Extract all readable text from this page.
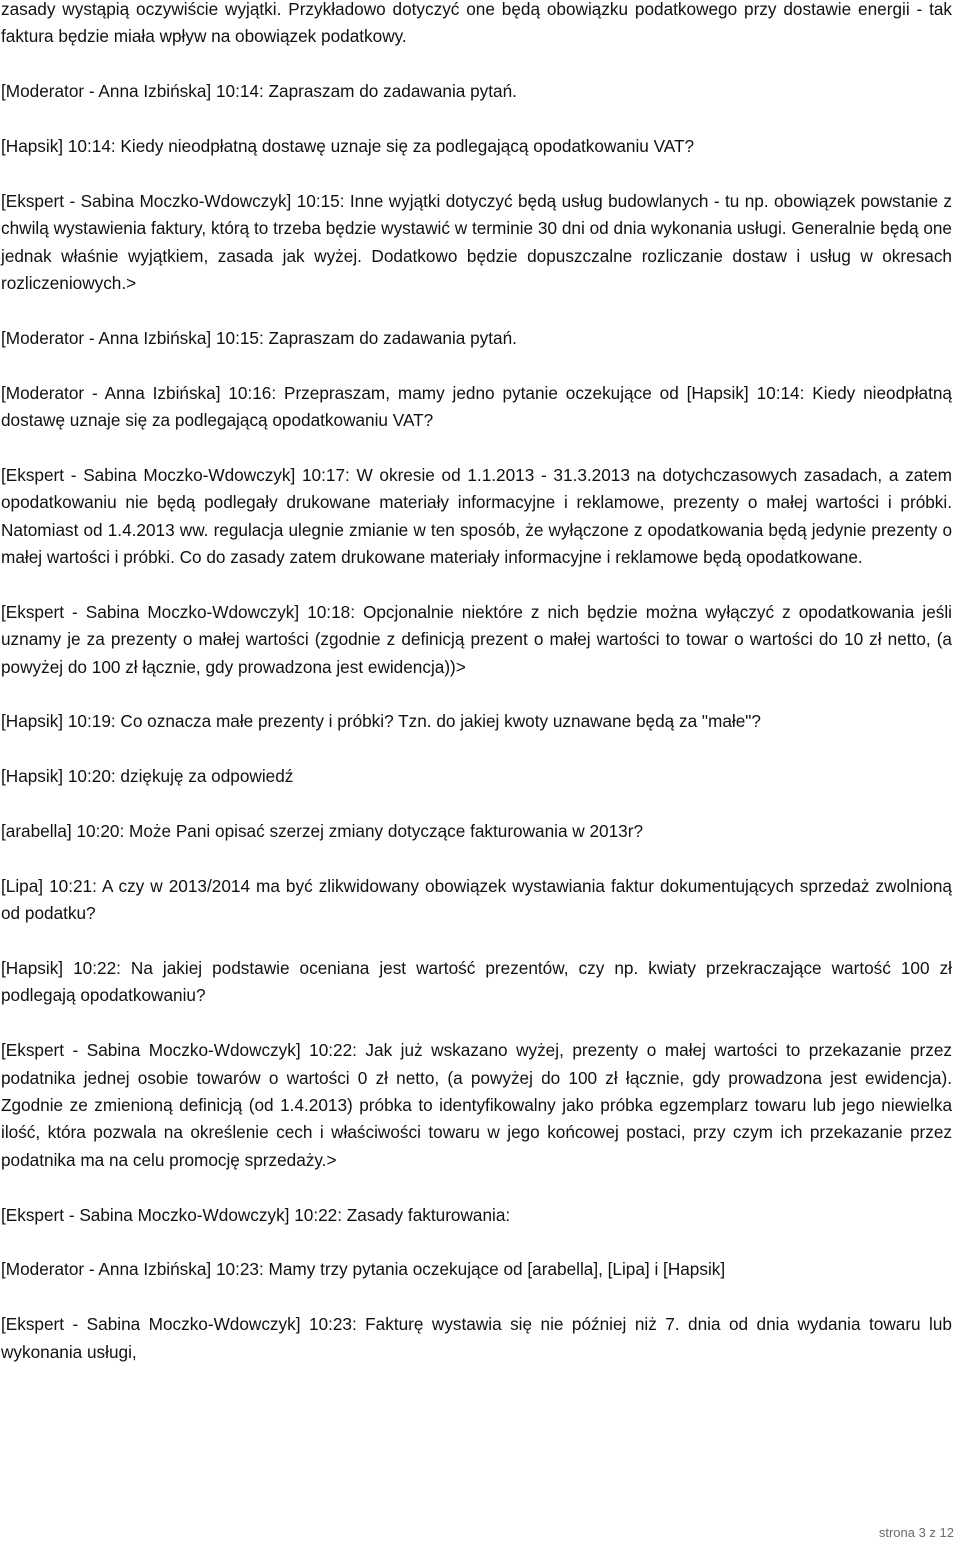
zasady wystąpią oczywiście wyjątki. Przykładowo dotyczyć one będą obowiązku podatkowego przy dostawie energii - tak faktura będzie miała wpływ na obowiązek podatkowy.

[Moderator - Anna Izbińska] 10:14: Zapraszam do zadawania pytań.

[Hapsik] 10:14: Kiedy nieodpłatną dostawę uznaje się za podlegającą opodatkowaniu VAT?

[Ekspert - Sabina Moczko-Wdowczyk] 10:15: Inne wyjątki dotyczyć będą usług budowlanych - tu np. obowiązek powstanie z chwilą wystawienia faktury, którą to trzeba będzie wystawić w terminie 30 dni od dnia wykonania usługi. Generalnie będą one jednak właśnie wyjątkiem, zasada jak wyżej. Dodatkowo będzie dopuszczalne rozliczanie dostaw i usług w okresach rozliczeniowych.>

[Moderator - Anna Izbińska] 10:15: Zapraszam do zadawania pytań.

[Moderator - Anna Izbińska] 10:16: Przepraszam, mamy jedno pytanie oczekujące od [Hapsik] 10:14: Kiedy nieodpłatną dostawę uznaje się za podlegającą opodatkowaniu VAT?

[Ekspert - Sabina Moczko-Wdowczyk] 10:17: W okresie od 1.1.2013 - 31.3.2013 na dotychczasowych zasadach, a zatem opodatkowaniu nie będą podlegały drukowane materiały informacyjne i reklamowe, prezenty o małej wartości i próbki. Natomiast od 1.4.2013 ww. regulacja ulegnie zmianie w ten sposób, że wyłączone z opodatkowania będą jedynie prezenty o małej wartości i próbki. Co do zasady zatem drukowane materiały informacyjne i reklamowe będą opodatkowane.

[Ekspert - Sabina Moczko-Wdowczyk] 10:18: Opcjonalnie niektóre z nich będzie można wyłączyć z opodatkowania jeśli uznamy je za prezenty o małej wartości (zgodnie z definicją prezent o małej wartości to towar o wartości do 10 zł netto, (a powyżej do 100 zł łącznie, gdy prowadzona jest ewidencja))>

[Hapsik] 10:19: Co oznacza małe prezenty i próbki? Tzn. do jakiej kwoty uznawane będą za "małe"?

[Hapsik] 10:20: dziękuję za odpowiedź

[arabella] 10:20: Może Pani opisać szerzej zmiany dotyczące fakturowania w 2013r?

[Lipa] 10:21: A czy w 2013/2014 ma być zlikwidowany obowiązek wystawiania faktur dokumentujących sprzedaż zwolnioną od podatku?

[Hapsik] 10:22: Na jakiej podstawie oceniana jest wartość prezentów, czy np. kwiaty przekraczające wartość 100 zł podlegają opodatkowaniu?

[Ekspert - Sabina Moczko-Wdowczyk] 10:22: Jak już wskazano wyżej, prezenty o małej wartości to przekazanie przez podatnika jednej osobie towarów o wartości 0 zł netto, (a powyżej do 100 zł łącznie, gdy prowadzona jest ewidencja). Zgodnie ze zmienioną definicją (od 1.4.2013) próbka to identyfikowalny jako próbka egzemplarz towaru lub jego niewielka ilość, która pozwala na określenie cech i właściwości towaru w jego końcowej postaci, przy czym ich przekazanie przez podatnika ma na celu promocję sprzedaży.>

[Ekspert - Sabina Moczko-Wdowczyk] 10:22: Zasady fakturowania:

[Moderator - Anna Izbińska] 10:23: Mamy trzy pytania oczekujące od [arabella], [Lipa] i [Hapsik]

[Ekspert - Sabina Moczko-Wdowczyk] 10:23: Fakturę wystawia się nie później niż 7. dnia od dnia wydania towaru lub wykonania usługi,

strona 3 z 12
